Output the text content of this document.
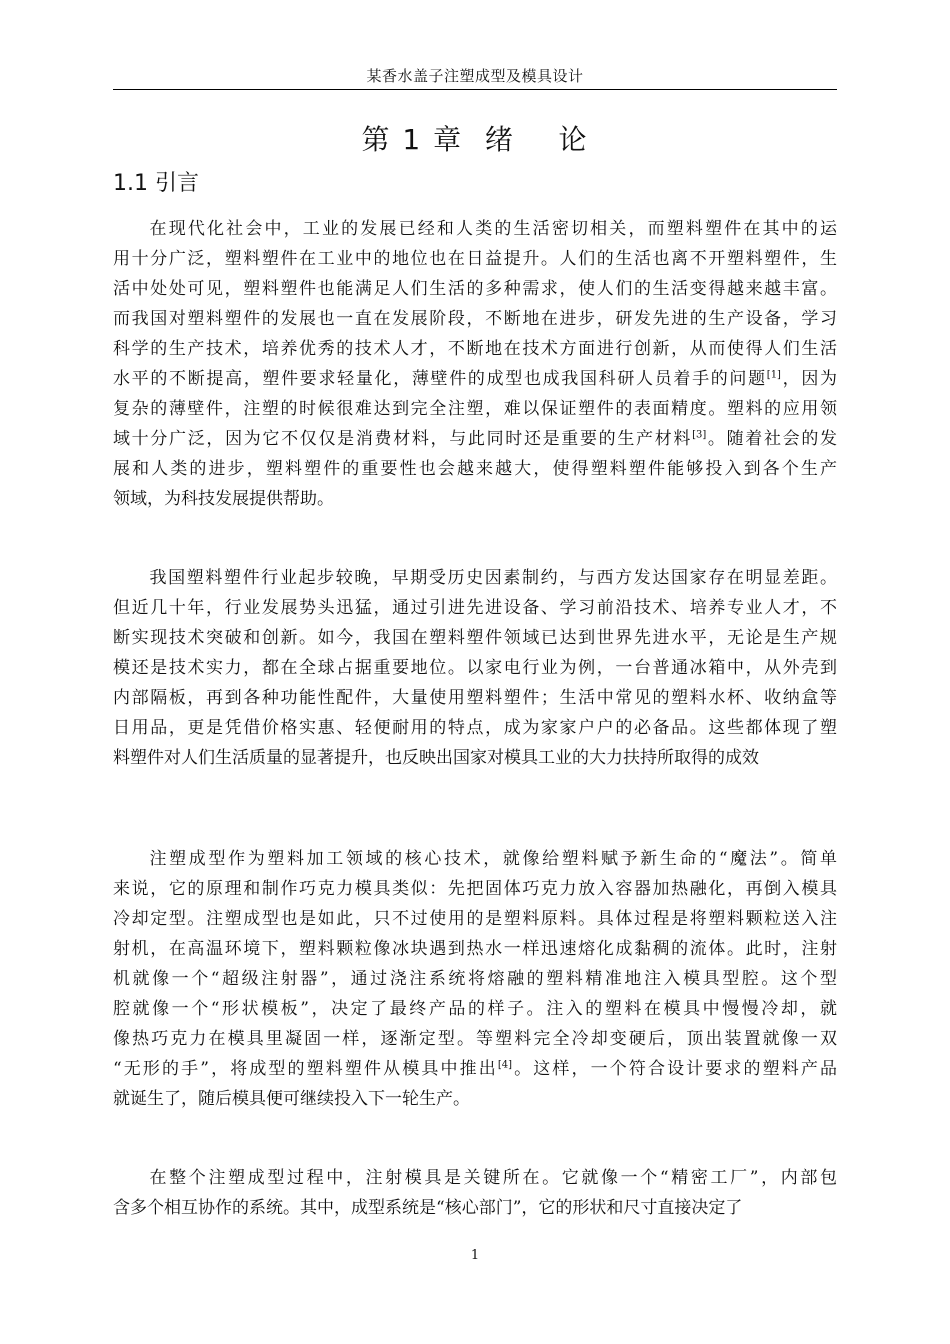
某香水盖子注塑成型及模具设计
第 1 章  绪    论
1.1 引言
在现代化社会中，工业的发展已经和人类的生活密切相关，而塑料塑件在其中的运
用十分广泛，塑料塑件在工业中的地位也在日益提升。人们的生活也离不开塑料塑件，生
活中处处可见，塑料塑件也能满足人们生活的多种需求，使人们的生活变得越来越丰富。
而我国对塑料塑件的发展也一直在发展阶段，不断地在进步，研发先进的生产设备，学习
科学的生产技术，培养优秀的技术人才，不断地在技术方面进行创新，从而使得人们生活
水平的不断提高，塑件要求轻量化，薄壁件的成型也成我国科研人员着手的问题[1]，因为
复杂的薄壁件，注塑的时候很难达到完全注塑，难以保证塑件的表面精度。塑料的应用领
域十分广泛，因为它不仅仅是消费材料，与此同时还是重要的生产材料[3]。随着社会的发
展和人类的进步，塑料塑件的重要性也会越来越大，使得塑料塑件能够投入到各个生产
领域，为科技发展提供帮助。
我国塑料塑件行业起步较晚，早期受历史因素制约，与西方发达国家存在明显差距。
但近几十年，行业发展势头迅猛，通过引进先进设备、学习前沿技术、培养专业人才，不
断实现技术突破和创新。如今，我国在塑料塑件领域已达到世界先进水平，无论是生产规
模还是技术实力，都在全球占据重要地位。以家电行业为例，一台普通冰箱中，从外壳到
内部隔板，再到各种功能性配件，大量使用塑料塑件；生活中常见的塑料水杯、收纳盒等
日用品，更是凭借价格实惠、轻便耐用的特点，成为家家户户的必备品。这些都体现了塑
料塑件对人们生活质量的显著提升，也反映出国家对模具工业的大力扶持所取得的成效
注塑成型作为塑料加工领域的核心技术，就像给塑料赋予新生命的“魔法”。简单
来说，它的原理和制作巧克力模具类似：先把固体巧克力放入容器加热融化，再倒入模具
冷却定型。注塑成型也是如此，只不过使用的是塑料原料。具体过程是将塑料颗粒送入注
射机，在高温环境下，塑料颗粒像冰块遇到热水一样迅速熔化成黏稠的流体。此时，注射
机就像一个“超级注射器”，通过浇注系统将熔融的塑料精准地注入模具型腔。这个型
腔就像一个“形状模板”，决定了最终产品的样子。注入的塑料在模具中慢慢冷却，就
像热巧克力在模具里凝固一样，逐渐定型。等塑料完全冷却变硬后，顶出装置就像一双
“无形的手”，将成型的塑料塑件从模具中推出[4]。这样，一个符合设计要求的塑料产品
就诞生了，随后模具便可继续投入下一轮生产。
在整个注塑成型过程中，注射模具是关键所在。它就像一个“精密工厂”，内部包
含多个相互协作的系统。其中，成型系统是“核心部门”，它的形状和尺寸直接决定了
1
